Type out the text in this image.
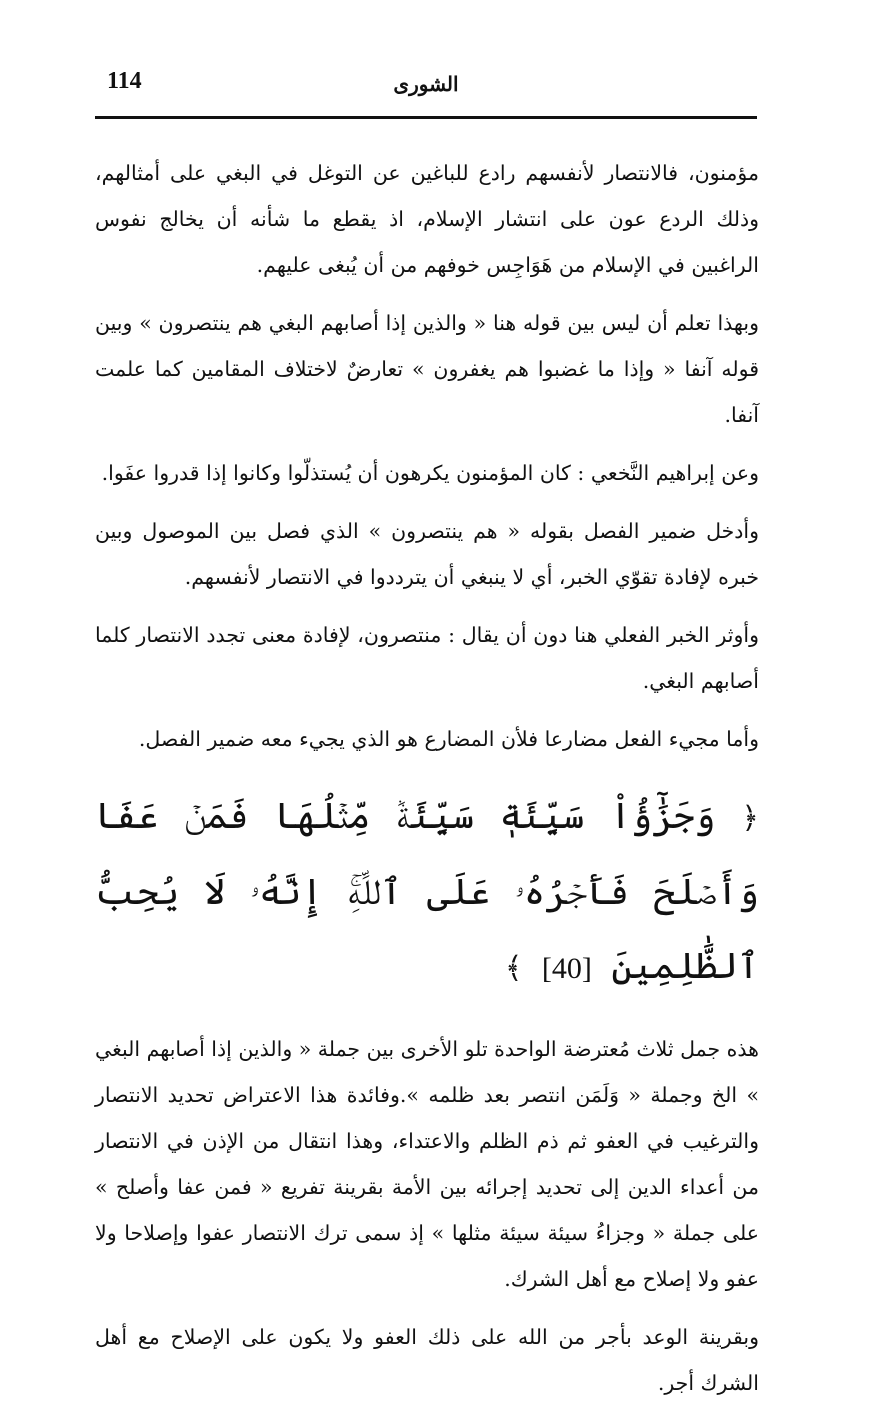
114	الشورى

مؤمنون، فالانتصار لأنفسهم رادع للباغين عن التوغل في البغي على أمثالهم، وذلك الردع عون على انتشار الإسلام، اذ يقطع ما شأنه أن يخالج نفوس الراغبين في الإسلام من هَوَاجِس خوفهم من أن يُبغى عليهم.

وبهذا تعلم أن ليس بين قوله هنا « والذين إذا أصابهم البغي هم ينتصرون » وبين قوله آنفا « وإذا ما غضبوا هم يغفرون » تعارضٌ لاختلاف المقامين كما علمت آنفا.

وعن إبراهيم النَّخعي : كان المؤمنون يكرهون أن يُستذلّوا وكانوا إذا قدروا عفَوا.

وأدخل ضمير الفصل بقوله « هم ينتصرون » الذي فصل بين الموصول وبين خبره لإفادة تقوّي الخبر، أي لا ينبغي أن يترددوا في الانتصار لأنفسهم.

وأوثر الخبر الفعلي هنا دون أن يقال : منتصرون، لإفادة معنى تجدد الانتصار كلما أصابهم البغي.

وأما مجيء الفعل مضارعا فلأن المضارع هو الذي يجيء معه ضمير الفصل.

﴿ وَجَزَٰٓؤُاْ سَيِّئَةٖ سَيِّئَةٞ مِّثۡلُهَا فَمَنۡ عَفَا وَأَصۡلَحَ فَأَجۡرُهُۥ عَلَى ٱللَّهِۚ إِنَّهُۥ لَا يُحِبُّ ٱلظَّٰلِمِينَ [40] ﴾

هذه جمل ثلاث مُعترضة الواحدة تلو الأخرى بين جملة « والذين إذا أصابهم البغي » الخ وجملة « وَلَمَن انتصر بعد ظلمه ».وفائدة هذا الاعتراض تحديد الانتصار والترغيب في العفو ثم ذم الظلم والاعتداء، وهذا انتقال من الإذن في الانتصار من أعداء الدين إلى تحديد إجرائه بين الأمة بقرينة تفريع « فمن عفا وأصلح » على جملة « وجزاءُ سيئة سيئة مثلها » إذ سمى ترك الانتصار عفوا وإصلاحا ولا عفو ولا إصلاح مع أهل الشرك.

وبقرينة الوعد بأجر من الله على ذلك العفو ولا يكون على الإصلاح مع أهل الشرك أجر.
